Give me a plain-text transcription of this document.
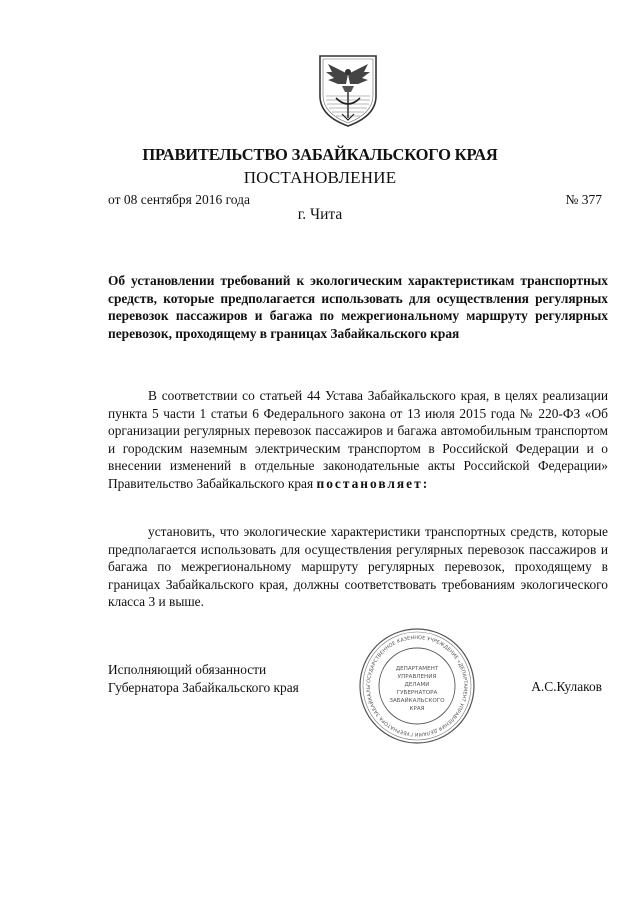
ПРАВИТЕЛЬСТВО ЗАБАЙКАЛЬСКОГО КРАЯ
ПОСТАНОВЛЕНИЕ
от 08 сентября 2016 года	№ 377
г. Чита
Об установлении требований к экологическим характеристикам транспортных средств, которые предполагается использовать для осуществления регулярных перевозок пассажиров и багажа по межрегиональному маршруту регулярных перевозок, проходящему в границах Забайкальского края

В соответствии со статьей 44 Устава Забайкальского края, в целях реализации пункта 5 части 1 статьи 6 Федерального закона от 13 июля 2015 года № 220-ФЗ «Об организации регулярных перевозок пассажиров и багажа автомобильным транспортом и городским наземным электрическим транспортом в Российской Федерации и о внесении изменений в отдельные законодательные акты Российской Федерации» Правительство Забайкальского края постановляет:

установить, что экологические характеристики транспортных средств, которые предполагается использовать для осуществления регулярных перевозок пассажиров и багажа по межрегиональному маршруту регулярных перевозок, проходящему в границах Забайкальского края, должны соответствовать требованиям экологического класса 3 и выше.

Исполняющий обязанности
Губернатора Забайкальского края	ГОСУДАРСТВЕННОЕ КАЗЕННОЕ УЧРЕЖДЕНИЕ «ДЕПАРТАМЕНТ УПРАВЛЕНИЯ ДЕЛАМИ ГУБЕРНАТОРА ЗАБАЙКАЛЬ
ДЕПАРТАМЕНТ
УПРАВЛЕНИЯ
ДЕЛАМИ
ГУБЕРНАТОРА
ЗАБАЙКАЛЬСКОГО
КРАЯ
А.С.Кулаков
